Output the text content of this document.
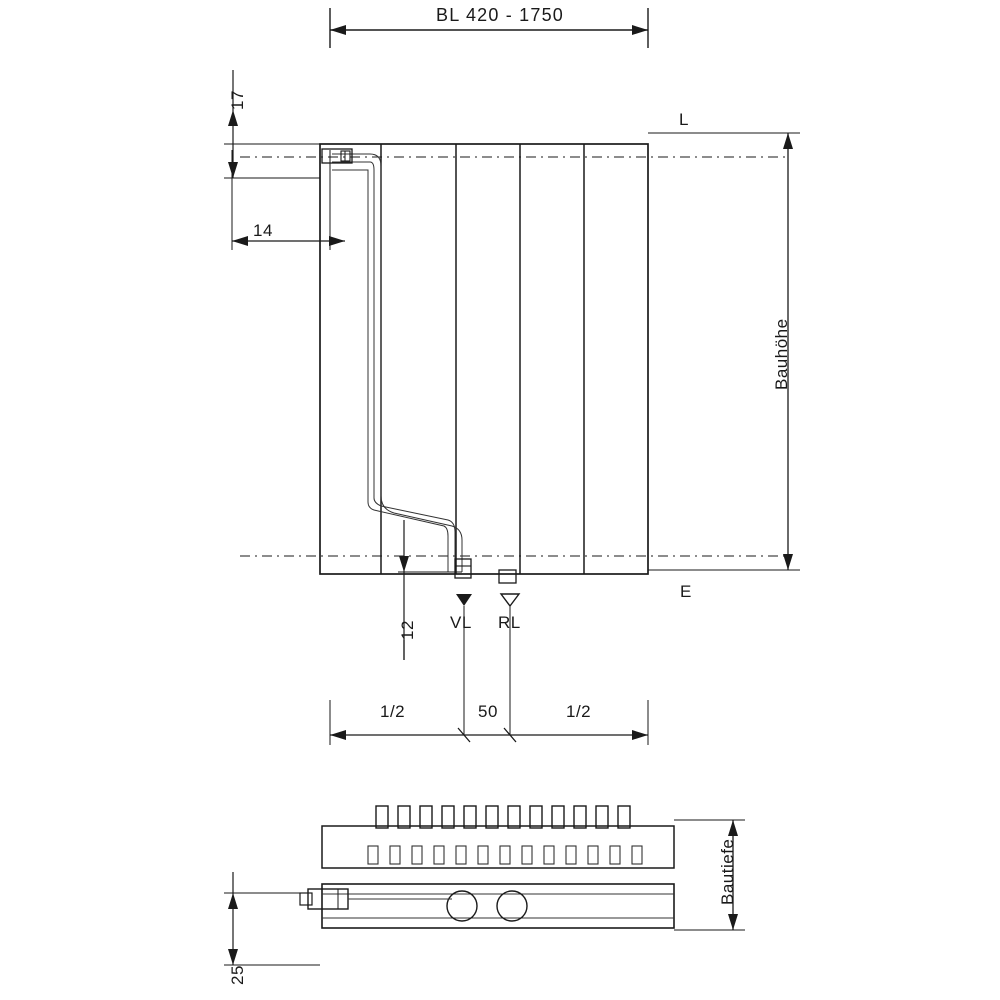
BL 420 - 1750
17
14
L
E
Bauhöhe
12 VL RL
1/2	50	1/2
Bautiefe
25
